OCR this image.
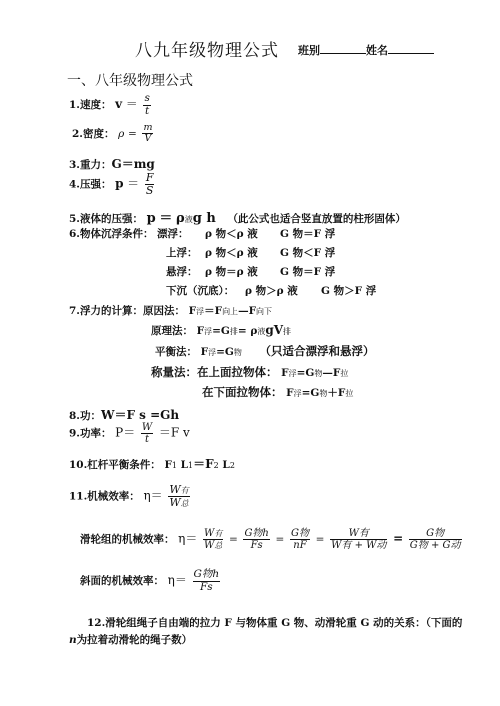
八九年级物理公式 班别	姓名
一、八年级物理公式
1.速度： $v = \frac{s}{t}$
2.密度： $\rho = \frac{m}{V}$
3.重力：G＝mg
4.压强： $p = \frac{F}{S}$
5.液体的压强： p ＝ ρ液g h （此公式也适合竖直放置的柱形固体）
6.物体沉浮条件： 漂浮： ρ 物＜ρ 液 G 物＝F 浮
上浮： ρ 物＜ρ 液 G 物＜F 浮
悬浮： ρ 物＝ρ 液 G 物＝F 浮
下沉（沉底）： ρ 物＞ρ 液 G 物＞F 浮
7.浮力的计算：原因法： F浮＝F向上—F向下
原理法： F浮=G排= ρ液gV排
平衡法： F浮=G物 （只适合漂浮和悬浮）
称量法：在上面拉物体： F浮=G物—F拉
在下面拉物体： F浮=G物＋F拉
8.功：W＝F s =Gh
9.功率： $P= \frac{W}{t} =F$ v
10.杠杆平衡条件： F1 L1＝F2 L2
11.机械效率： $\eta= \frac{\text{W有}}{\text{W总}}$
滑轮组的机械效率： $\eta= \frac{\text{W有}}{\text{W总}} = \frac{\text{G物h}}{Fs} = \frac{\text{G物}}{nF} = \frac{\text{W有}}{\text{W有 + W动}} = \frac{\text{G物}}{\text{G物 + G动}}$
斜面的机械效率： $\eta= \frac{\text{G物h}}{Fs}$
12.滑轮组绳子自由端的拉力 F 与物体重 G 物、动滑轮重 G 动的关系：（下面的n为拉着动滑轮的绳子数）
